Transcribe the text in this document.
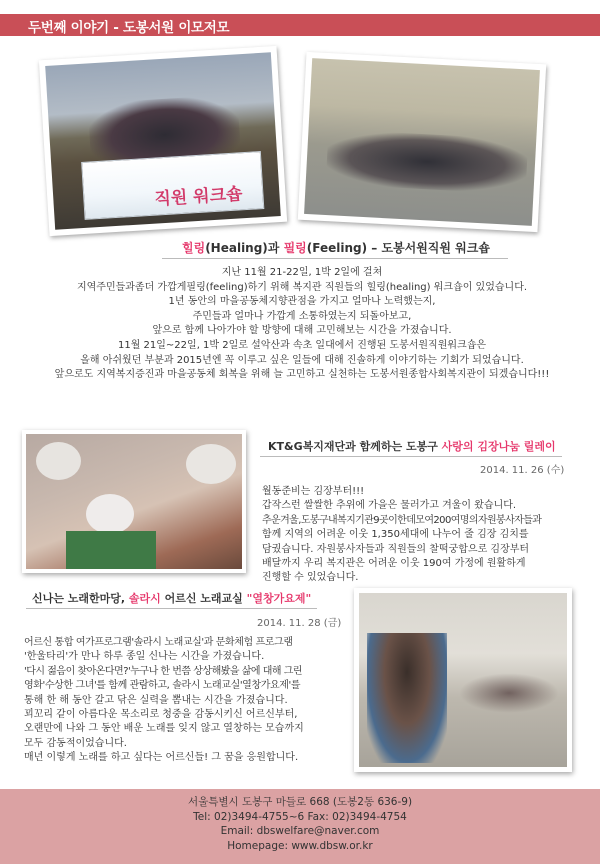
두번째 이야기 - 도봉서원 이모저모
직원 워크숍
힐링(Healing)과 필링(Feeling) – 도봉서원직원 워크숍
지난 11월 21-22일, 1박 2일에 걸쳐
지역주민들과좀더 가깝게필링(feeling)하기 위해 복지관 직원들의 힐링(healing) 워크숍이 있었습니다.
1년 동안의 마을공동체지향관점을 가지고 얼마나 노력했는지,
주민들과 얼마나 가깝게 소통하였는지 되돌아보고,
앞으로 함께 나아가야 할 방향에 대해 고민해보는 시간을 가졌습니다.
11월 21일~22일, 1박 2일로 설악산과 속초 일대에서 진행된 도봉서원직원워크숍은
올해 아쉬웠던 부분과 2015년엔 꼭 이루고 싶은 일들에 대해 진솔하게 이야기하는 기회가 되었습니다.
앞으로도 지역복지증진과 마을공동체 회복을 위해 늘 고민하고 실천하는 도봉서원종합사회복지관이 되겠습니다!!!
KT&G복지재단과 함께하는 도봉구 사랑의 김장나눔 릴레이
2014. 11. 26 (수)
월동준비는 김장부터!!!
갑작스런 쌀쌀한 추위에 가을은 물러가고 겨울이 왔습니다.
추운겨울,도봉구내복지기관9곳이한데모여200여명의자원봉사자들과
함께 지역의 어려운 이웃 1,350세대에 나누어 줄 김장 김치를
담궜습니다. 자원봉사자들과 직원들의 찰떡궁합으로 김장부터
배달까지 우리 복지관은 어려운 이웃 190여 가정에 원활하게
진행할 수 있었습니다.
신나는 노래한마당, 솔라시 어르신 노래교실 "열창가요제"
2014. 11. 28 (금)
어르신 통합 여가프로그램'솔라시 노래교실'과 문화체험 프로그램
'한울타리'가 만나 하루 종일 신나는 시간을 가졌습니다.
'다시 젊음이 찾아온다면?'누구나 한 번쯤 상상해봤을 삶에 대해 그린
영화'수상한 그녀'를 함께 관람하고, 솔라시 노래교실'열창가요제'를
통해 한 해 동안 갈고 닦은 실력을 뽐내는 시간을 가졌습니다.
꾀꼬리 같이 아름다운 목소리로 청중을 감동시키신 어르신부터,
오랜만에 나와 그 동안 배운 노래를 잊지 않고 열창하는 모습까지
모두 감동적이었습니다.
매년 이렇게 노래를 하고 싶다는 어르신들! 그 꿈을 응원합니다.
서울특별시 도봉구 마들로 668 (도봉2동 636-9)
Tel: 02)3494-4755~6 Fax: 02)3494-4754
Email: dbswelfare@naver.com
Homepage: www.dbsw.or.kr
